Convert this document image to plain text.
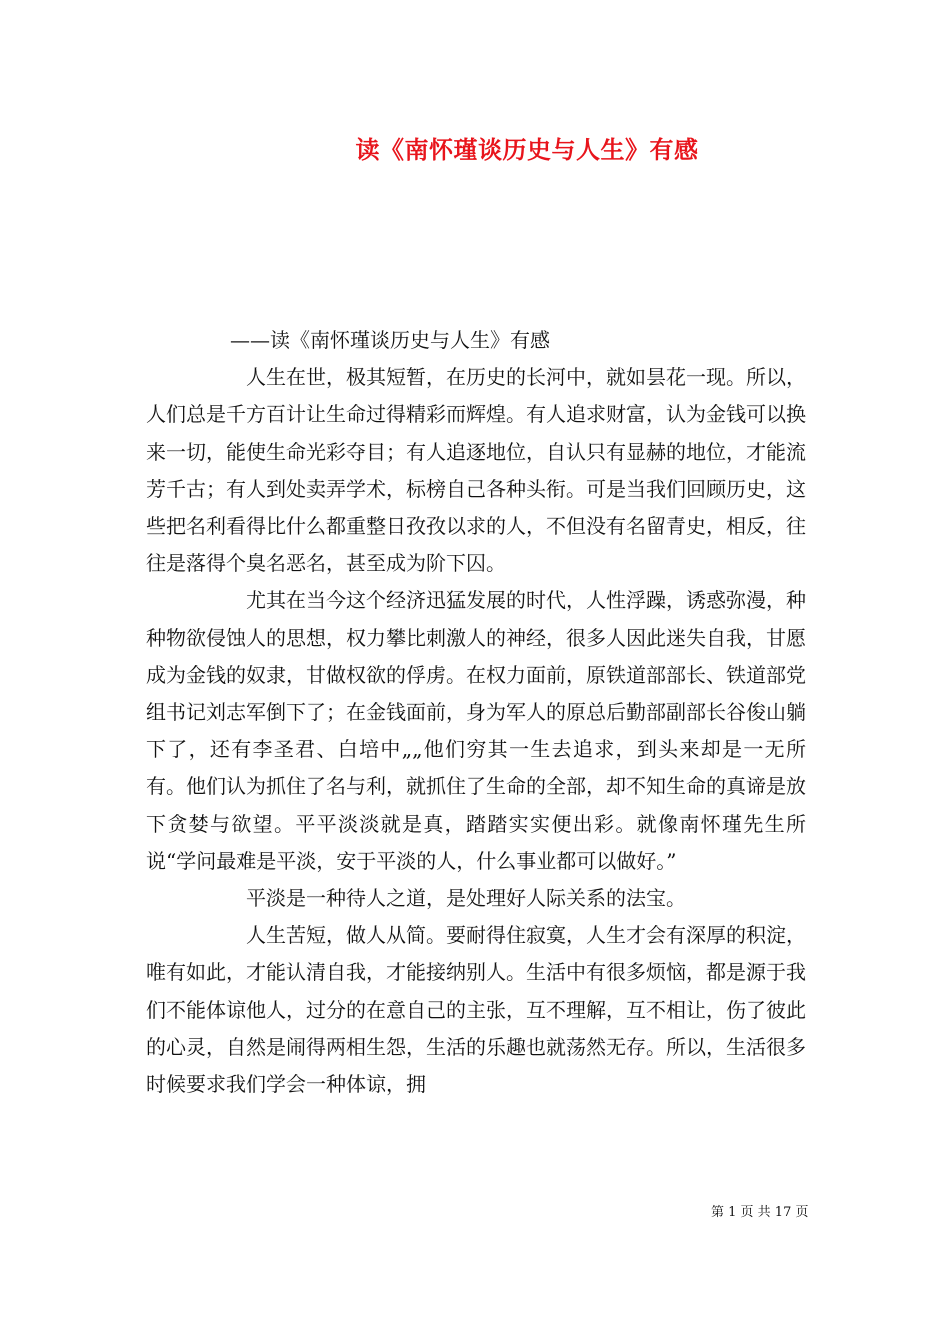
读《南怀瑾谈历史与人生》有感

——读《南怀瑾谈历史与人生》有感

人生在世，极其短暂，在历史的长河中，就如昙花一现。所以，人们总是千方百计让生命过得精彩而辉煌。有人追求财富，认为金钱可以换来一切，能使生命光彩夺目；有人追逐地位，自认只有显赫的地位，才能流芳千古；有人到处卖弄学术，标榜自己各种头衔。可是当我们回顾历史，这些把名利看得比什么都重整日孜孜以求的人，不但没有名留青史，相反，往往是落得个臭名恶名，甚至成为阶下囚。

尤其在当今这个经济迅猛发展的时代，人性浮躁，诱惑弥漫，种种物欲侵蚀人的思想，权力攀比刺激人的神经，很多人因此迷失自我，甘愿成为金钱的奴隶，甘做权欲的俘虏。在权力面前，原铁道部部长、铁道部党组书记刘志军倒下了；在金钱面前，身为军人的原总后勤部副部长谷俊山躺下了，还有李圣君、白培中„„他们穷其一生去追求，到头来却是一无所有。他们认为抓住了名与利，就抓住了生命的全部，却不知生命的真谛是放下贪婪与欲望。平平淡淡就是真，踏踏实实便出彩。就像南怀瑾先生所说“学问最难是平淡，安于平淡的人，什么事业都可以做好。”

平淡是一种待人之道，是处理好人际关系的法宝。

人生苦短，做人从简。要耐得住寂寞，人生才会有深厚的积淀，唯有如此，才能认清自我，才能接纳别人。生活中有很多烦恼，都是源于我们不能体谅他人，过分的在意自己的主张，互不理解，互不相让，伤了彼此的心灵，自然是闹得两相生怨，生活的乐趣也就荡然无存。所以，生活很多时候要求我们学会一种体谅，拥

第 1 页 共 17 页
